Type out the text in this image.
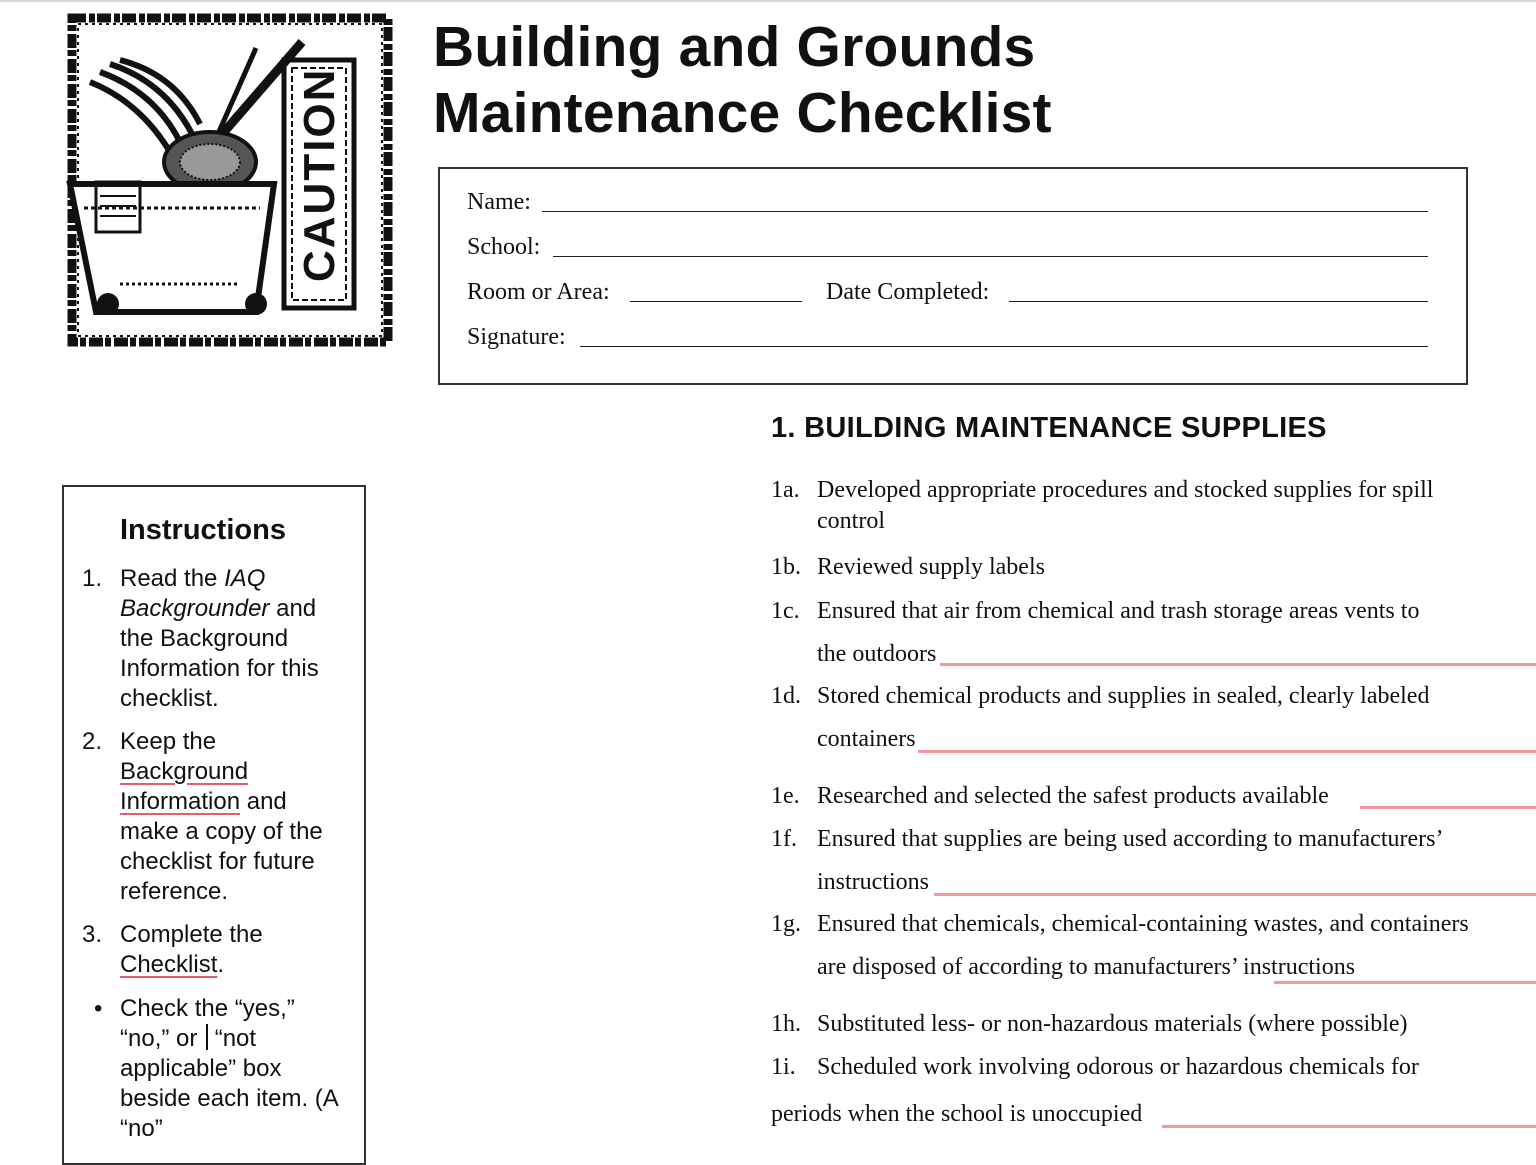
CAUTION
Building and Grounds
Maintenance Checklist
Name:
School:
Room or Area:	Date Completed:
Signature:
Instructions
1. Read the IAQ Backgrounder and the Background Information for this checklist.
2. Keep the Background Information and make a copy of the checklist for future reference.
3. Complete the Checklist.
• Check the “yes,” “no,” or  “not applicable” box beside each item. (A “no”
1. BUILDING MAINTENANCE SUPPLIES
1a. Developed appropriate procedures and stocked supplies for spill
control
1b. Reviewed supply labels
1c. Ensured that air from chemical and trash storage areas vents to
the outdoors
1d. Stored chemical products and supplies in sealed, clearly labeled
containers
1e. Researched and selected the safest products available
1f. Ensured that supplies are being used according to manufacturers’
instructions
1g. Ensured that chemicals, chemical-containing wastes, and containers
are disposed of according to manufacturers’ instructions
1h. Substituted less- or non-hazardous materials (where possible)
1i. Scheduled work involving odorous or hazardous chemicals for
periods when the school is unoccupied
